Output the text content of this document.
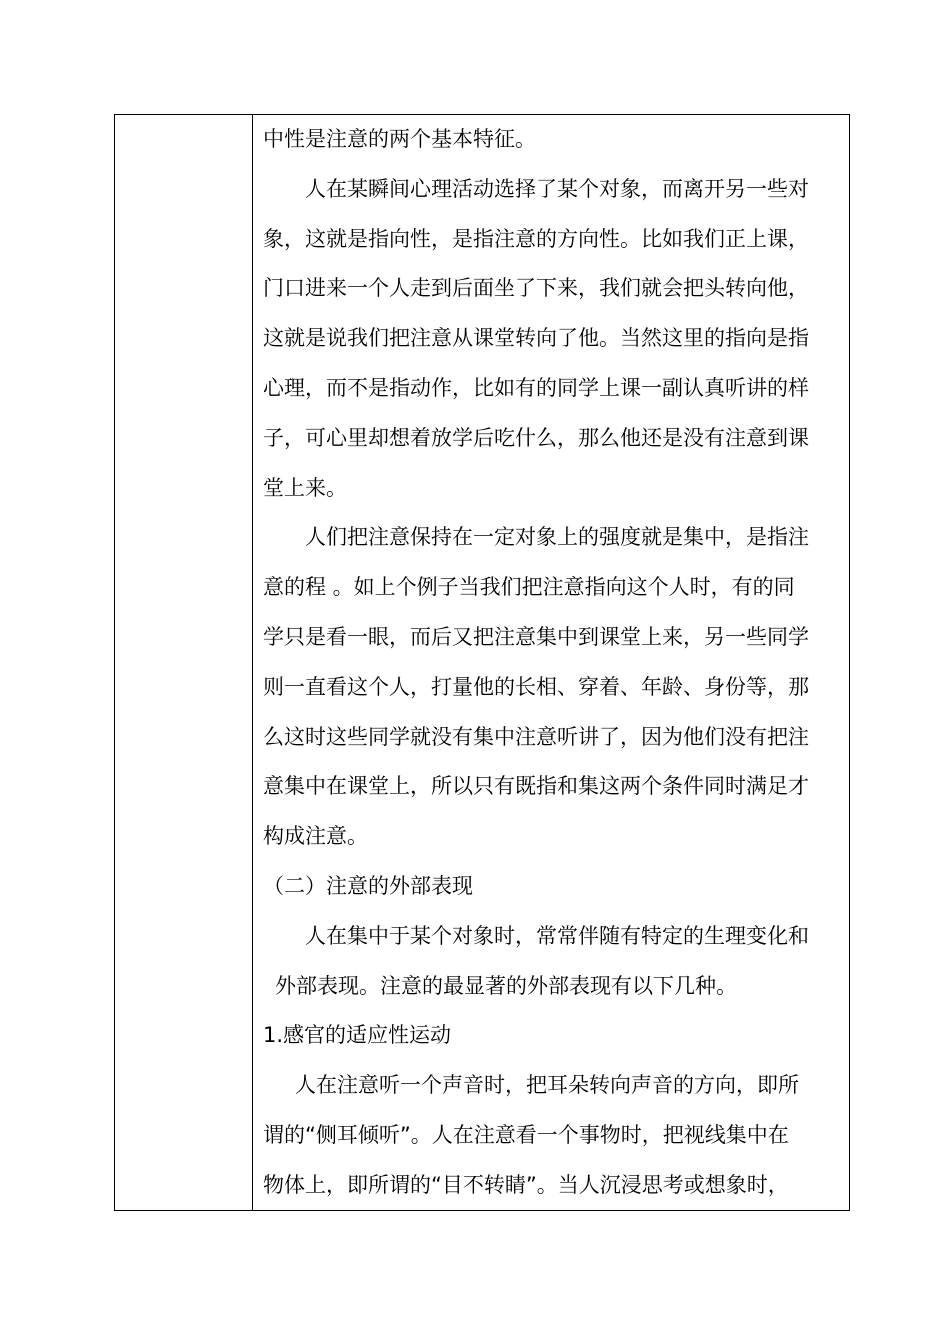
中性是注意的两个基本特征。
人在某瞬间心理活动选择了某个对象，而离开另一些对
象，这就是指向性，是指注意的方向性。比如我们正上课，
门口进来一个人走到后面坐了下来，我们就会把头转向他，
这就是说我们把注意从课堂转向了他。当然这里的指向是指
心理，而不是指动作，比如有的同学上课一副认真听讲的样
子，可心里却想着放学后吃什么，那么他还是没有注意到课
堂上来。
人们把注意保持在一定对象上的强度就是集中，是指注
意的程 。如上个例子当我们把注意指向这个人时，有的同
学只是看一眼，而后又把注意集中到课堂上来，另一些同学
则一直看这个人，打量他的长相、穿着、年龄、身份等，那
么这时这些同学就没有集中注意听讲了，因为他们没有把注
意集中在课堂上，所以只有既指和集这两个条件同时满足才
构成注意。
（二）注意的外部表现
人在集中于某个对象时，常常伴随有特定的生理变化和
外部表现。注意的最显著的外部表现有以下几种。
1.感官的适应性运动
人在注意听一个声音时，把耳朵转向声音的方向，即所
谓的“侧耳倾听”。人在注意看一个事物时，把视线集中在
物体上，即所谓的“目不转睛”。当人沉浸思考或想象时，
